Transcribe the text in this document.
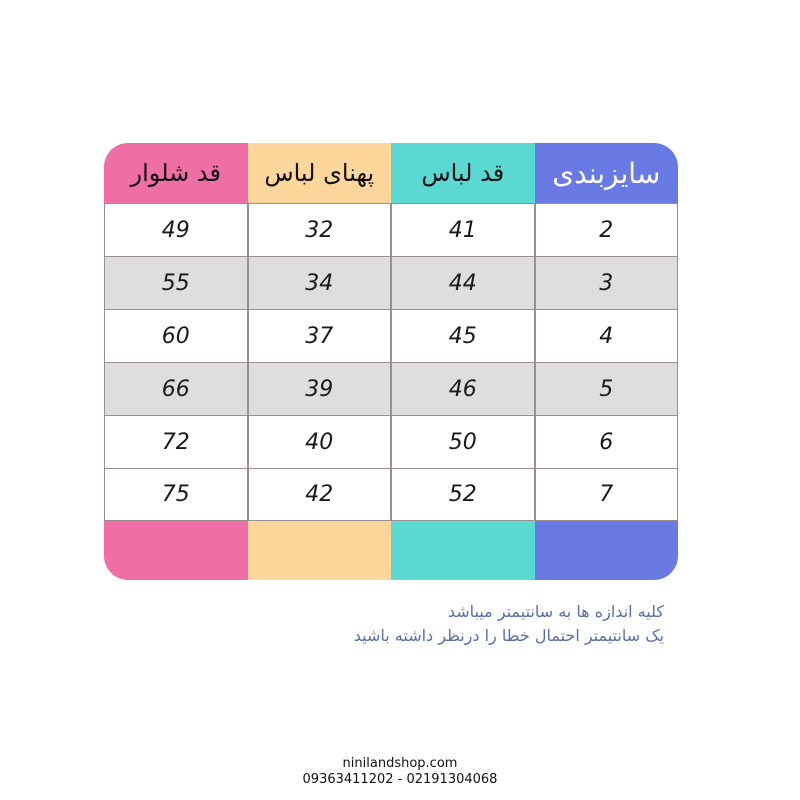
قد شلوار
49
55
60
66
72
75
پهنای لباس
32
34
37
39
40
42
قد لباس
41
44
45
46
50
52
سایزبندی
2
3
4
5
6
7
کلیه اندازه ها به سانتیمتر میباشد
یک سانتیمتر احتمال خطا را درنظر داشته باشید
ninilandshop.com
09363411202 - 02191304068
